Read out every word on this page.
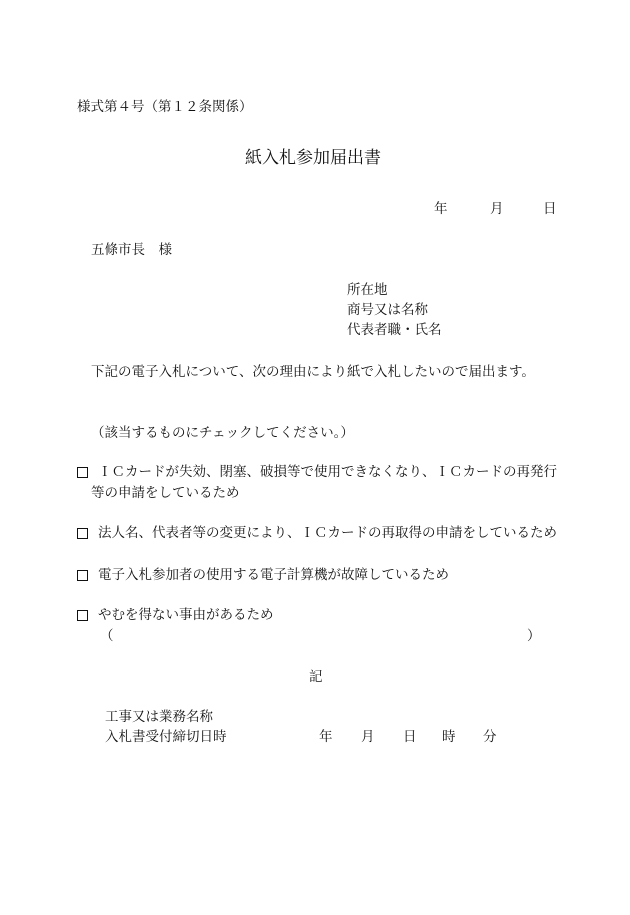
様式第４号（第１２条関係）
紙入札参加届出書
年	月	日
五條市長　様
所在地
商号又は名称
代表者職・氏名
下記の電子入札について、次の理由により紙で入札したいので届出ます。
（該当するものにチェックしてください。）
ＩＣカードが失効、閉塞、破損等で使用できなくなり、ＩＣカードの再発行
等の申請をしているため
法人名、代表者等の変更により、ＩＣカードの再取得の申請をしているため
電子入札参加者の使用する電子計算機が故障しているため
やむを得ない事由があるため
（	）
記
工事又は業務名称
入札書受付締切日時	年 月 日 時 分
